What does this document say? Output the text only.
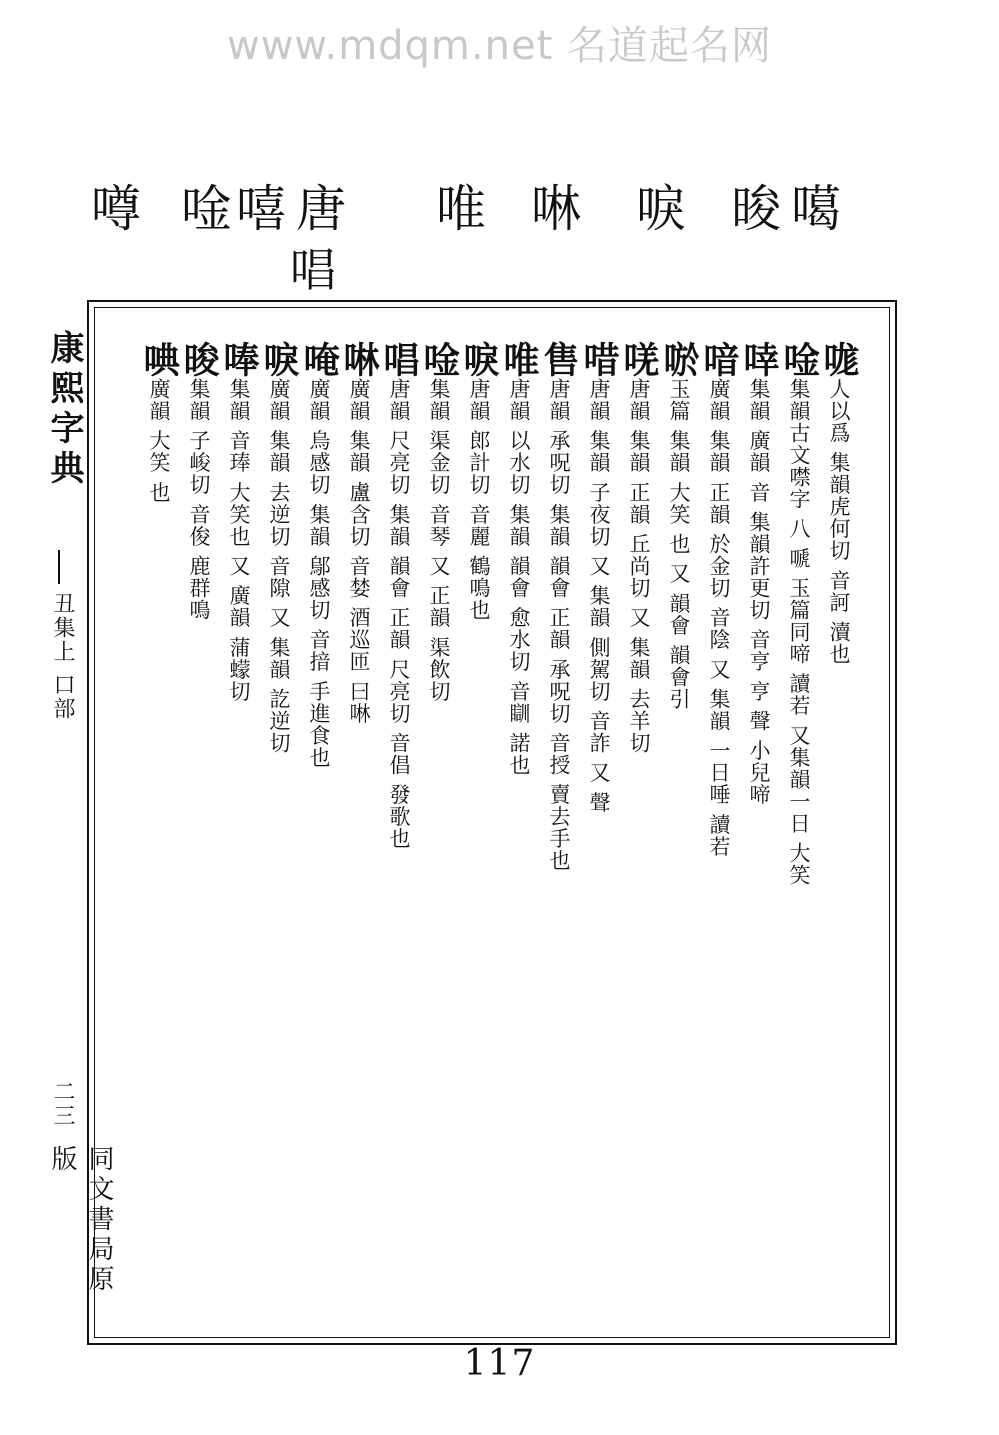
www.mdqm.net 名道起名网
噂 唫
嘻 唐 唯 啉 唳 晙 噶
唱
康熙字典
丑集上 口部
二三
同文書局原版

哤人以爲 集韻虎何切 音訶 瀆也
唫集韻古文噤字 八 嗁 玉篇同啼 讀若 又集韻一日 大笑
啈集韻 廣韻 音 集韻許更切 音亨 亨 聲 小兒啼
喑廣韻 集韻 正韻 於金切 音陰 又 集韻 一日唾 讀若
唹玉篇 集韻 大笑 也 又 韻會 韻會引
唴唐韻 集韻 正韻 丘尚切 又 集韻 去羊切
唶唐韻 集韻 子夜切 又 集韻 側駕切 音詐 又 聲
售唐韻 承呪切 集韻 韻會 正韻 承呪切 音授 賣去手也
唯唐韻 以水切 集韻 韻會 愈水切 音瞓 諾也
唳唐韻 郎計切 音麗 鶴鳴也
唫集韻 渠金切 音琴 又 正韻 渠飲切
唱唐韻 尺亮切 集韻 韻會 正韻 尺亮切 音倡 發歌也
啉廣韻 集韻 盧含切 音婪 酒巡匝 曰啉
唵廣韻 烏感切 集韻 鄔感切 音揞 手進食也
唳廣韻 集韻 去逆切 音隙 又 集韻 訖逆切
唪集韻 音琫 大笑也 又 廣韻 蒲蠓切
晙集韻 子峻切 音俊 鹿群鳴
唺廣韻 大笑 也

117
